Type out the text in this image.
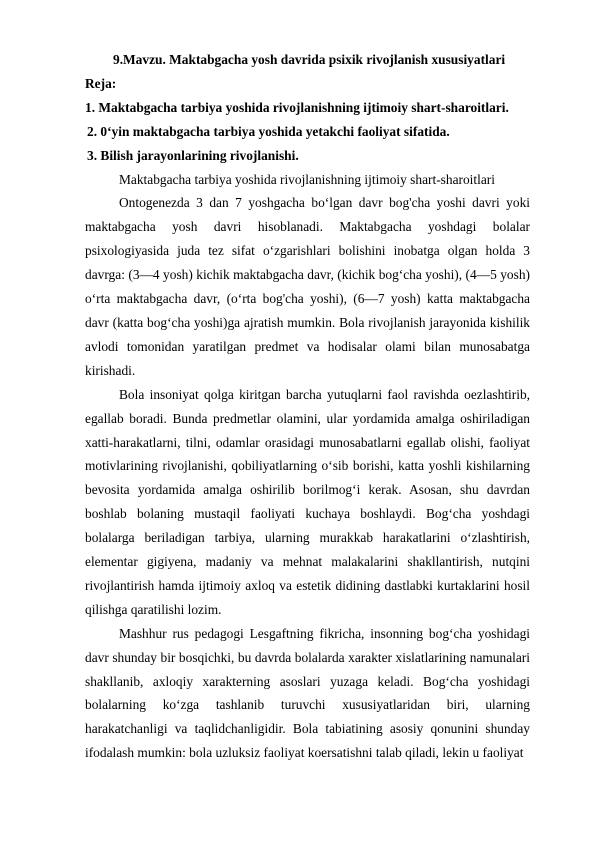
9.Mavzu. Maktabgacha yosh davrida psixik rivojlanish xususiyatlari
Reja:
1. Maktabgacha tarbiya yoshida rivojlanishning ijtimoiy shart-sharoitlari.
2. 0‘yin maktabgacha tarbiya yoshida yetakchi faoliyat sifatida.
3. Bilish jarayonlarining rivojlanishi.
Maktabgacha tarbiya yoshida rivojlanishning ijtimoiy shart-sharoitlari

Ontogenezda 3 dan 7 yoshgacha bo‘lgan davr bog'cha yoshi davri yoki maktabgacha yosh davri hisoblanadi. Maktabgacha yoshdagi bolalar psixologiyasida juda tez sifat o‘zgarishlari bolishini inobatga olgan holda 3 davrga: (3—4 yosh) kichik maktabgacha davr, (kichik bog‘cha yoshi), (4—5 yosh) o‘rta maktabgacha davr, (o‘rta bog'cha yoshi), (6—7 yosh) katta maktabgacha davr (katta bog‘cha yoshi)ga ajratish mumkin. Bola rivojlanish jarayonida kishilik avlodi tomonidan yaratilgan predmet va hodisalar olami bilan munosabatga kirishadi.

Bola insoniyat qolga kiritgan barcha yutuqlarni faol ravishda oezlashtirib, egallab boradi. Bunda predmetlar olamini, ular yordamida amalga oshiriladigan xatti-harakatlarni, tilni, odamlar orasidagi munosabatlarni egallab olishi, faoliyat motivlarining rivojlanishi, qobiliyatlarning o‘sib borishi, katta yoshli kishilarning bevosita yordamida amalga oshirilib borilmog‘i kerak. Asosan, shu davrdan boshlab bolaning mustaqil faoliyati kuchaya boshlaydi. Bog‘cha yoshdagi bolalarga beriladigan tarbiya, ularning murakkab harakatlarini o‘zlashtirish, elementar gigiyena, madaniy va mehnat malakalarini shakllantirish, nutqini rivojlantirish hamda ijtimoiy axloq va estetik didining dastlabki kurtaklarini hosil qilishga qaratilishi lozim.

Mashhur rus pedagogi Lesgaftning fikricha, insonning bog‘cha yoshidagi davr shunday bir bosqichki, bu davrda bolalarda xarakter xislatlarining namunalari shakllanib, axloqiy xarakterning asoslari yuzaga keladi. Bog‘cha yoshidagi bolalarning ko‘zga tashlanib turuvchi xususiyatlaridan biri, ularning harakatchanligi va taqlidchanligidir. Bola tabiatining asosiy qonunini shunday ifodalash mumkin: bola uzluksiz faoliyat koersatishni talab qiladi, lekin u faoliyat
